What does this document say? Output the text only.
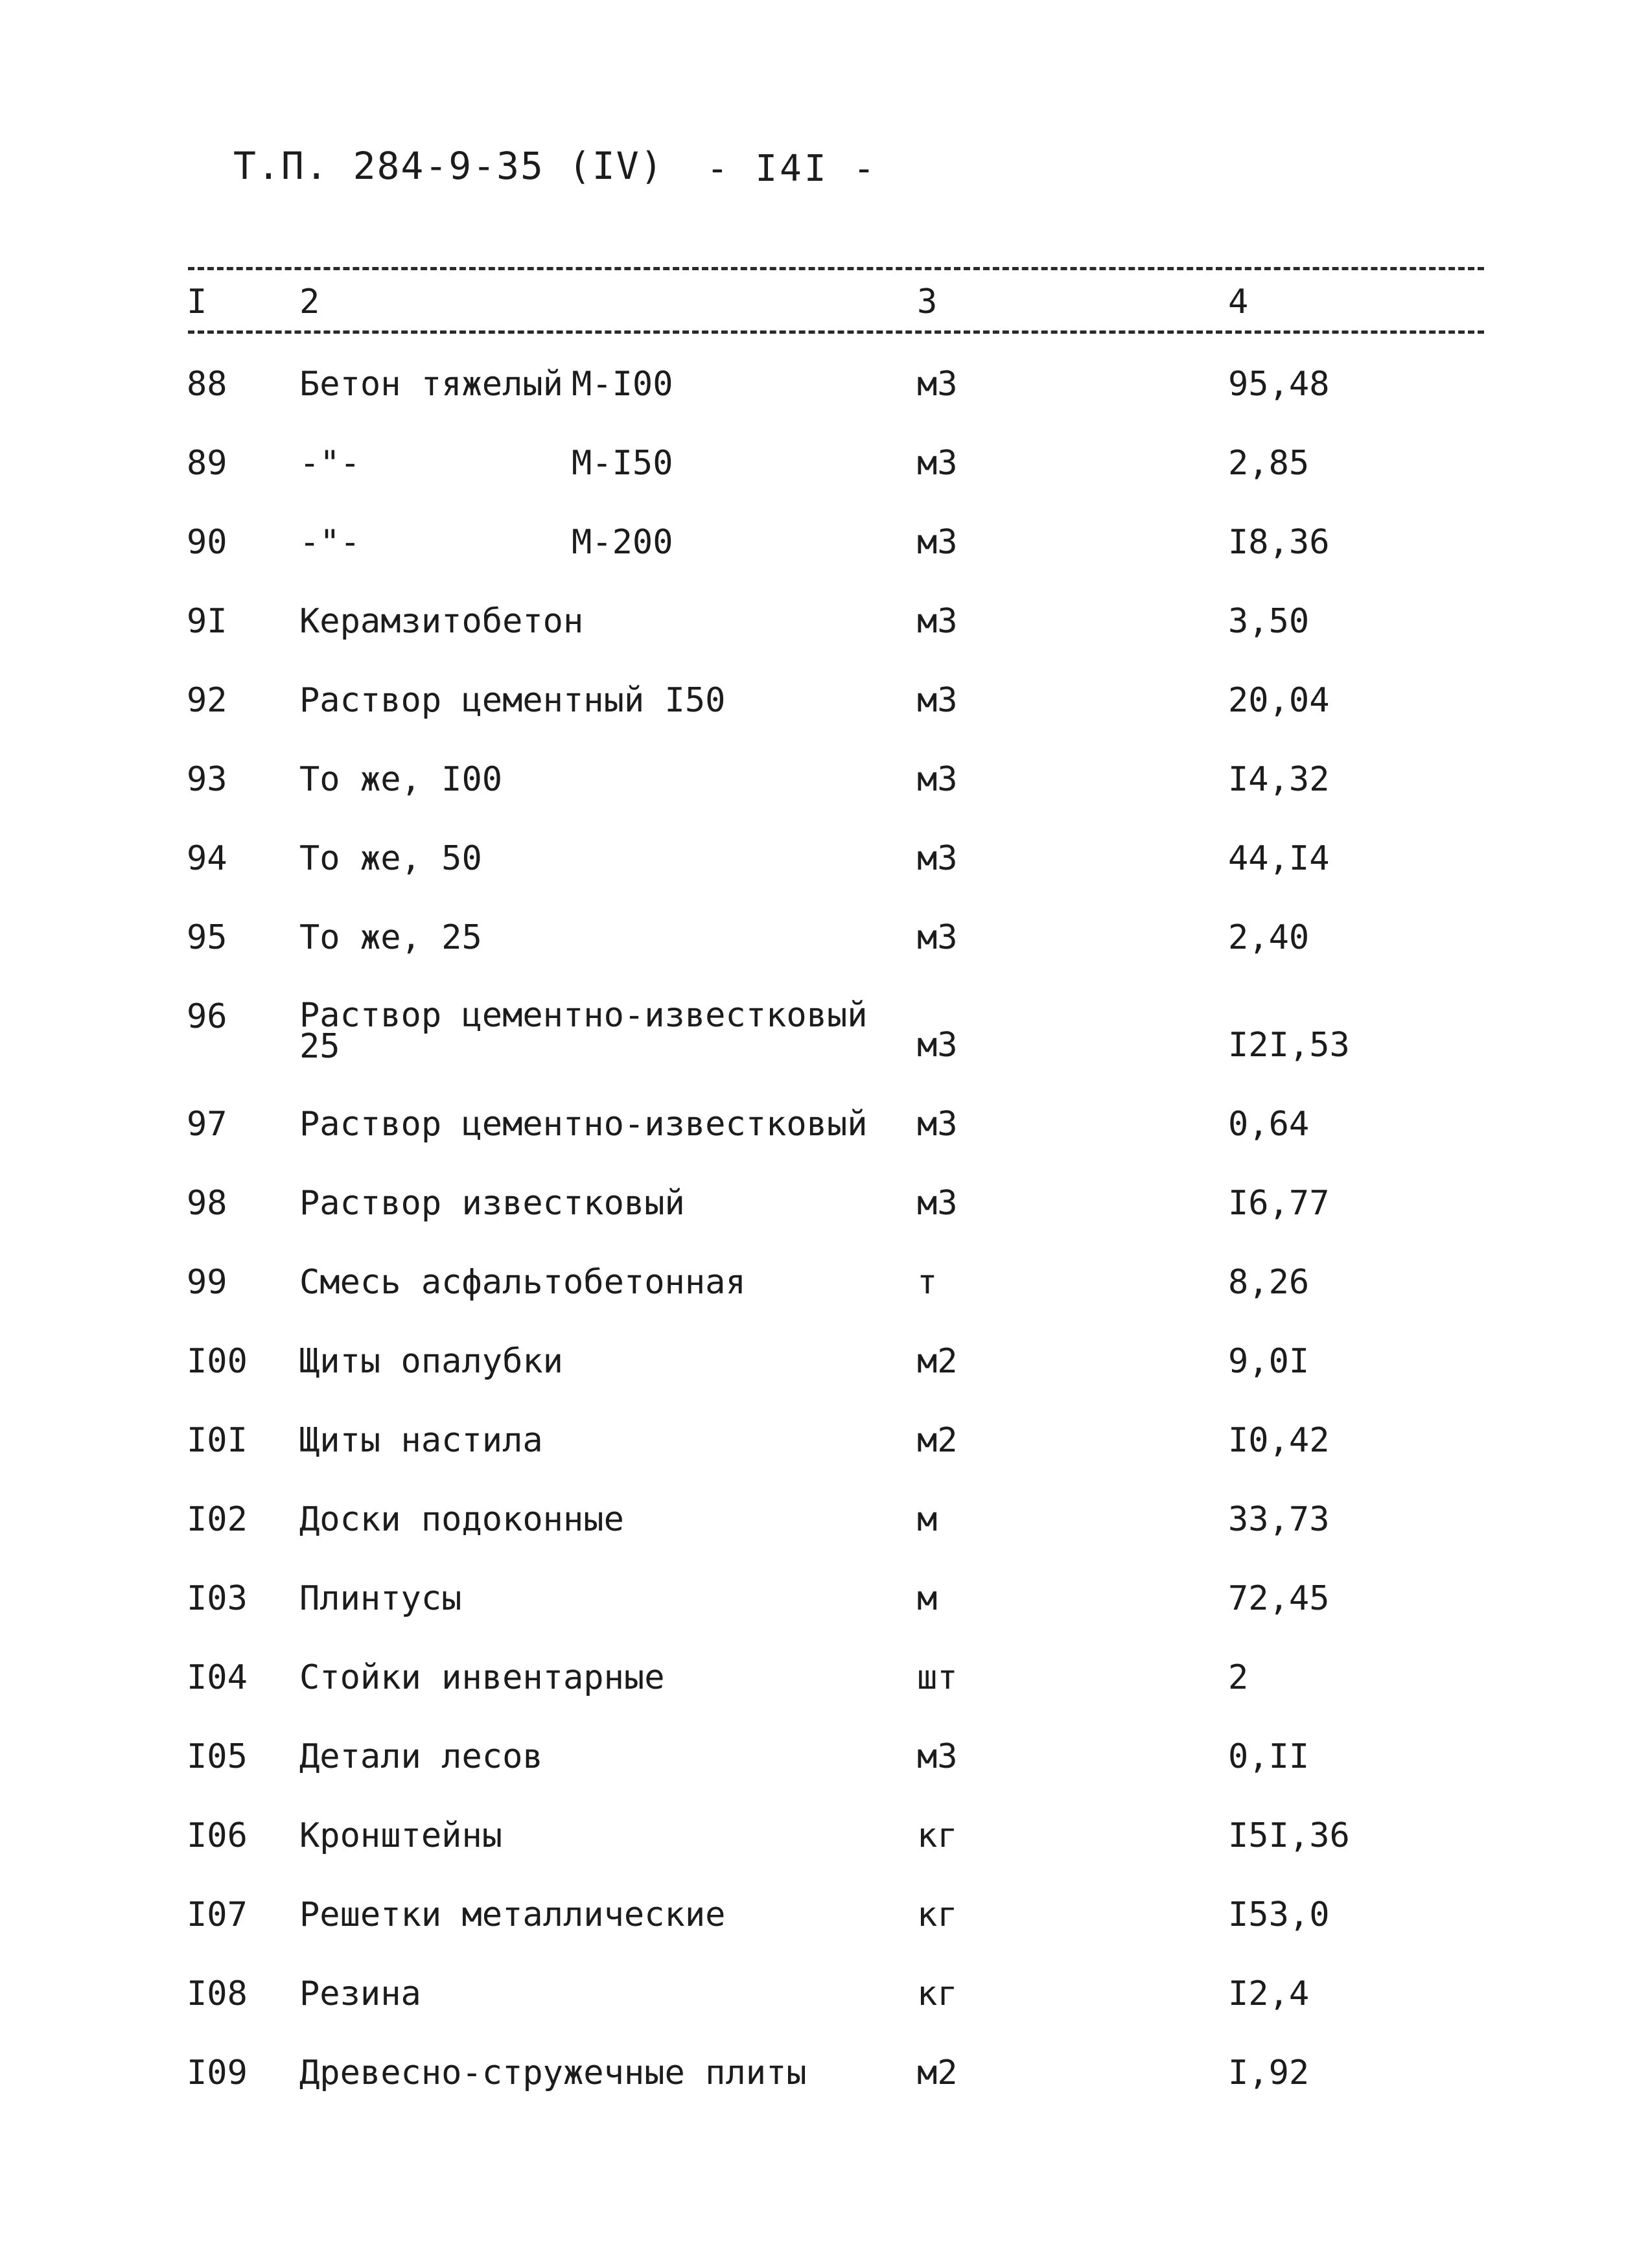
Т.П. 284-9-35 (IV) - I4I -
I	2	3	4
88 Бетон тяжелый М-I00	м3	95,48
89 -"-	М-I50	м3	2,85
90 -"-	М-200	м3	I8,36
9I Керамзитобетон	м3	3,50
92 Раствор цементный I50	м3	20,04
93 То же, I00	м3	I4,32
94 То же, 50	м3	44,I4
95 То же, 25	м3	2,40
96 Раствор цементно-известковый 25	м3	I2I,53
97 Раствор цементно-известковый м3	0,64
98 Раствор известковый	м3	I6,77
99 Смесь асфальтобетонная	т	8,26
I00 Щиты опалубки	м2	9,0I
I0I Щиты настила	м2	I0,42
I02 Доски подоконные	м	33,73
I03 Плинтусы	м	72,45
I04 Стойки инвентарные	шт	2
I05 Детали лесов	м3	0,II
I06 Кронштейны	кг	I5I,36
I07 Решетки металлические	кг	I53,0
I08 Резина	кг	I2,4
I09 Древесно-стружечные плиты	м2	I,92
